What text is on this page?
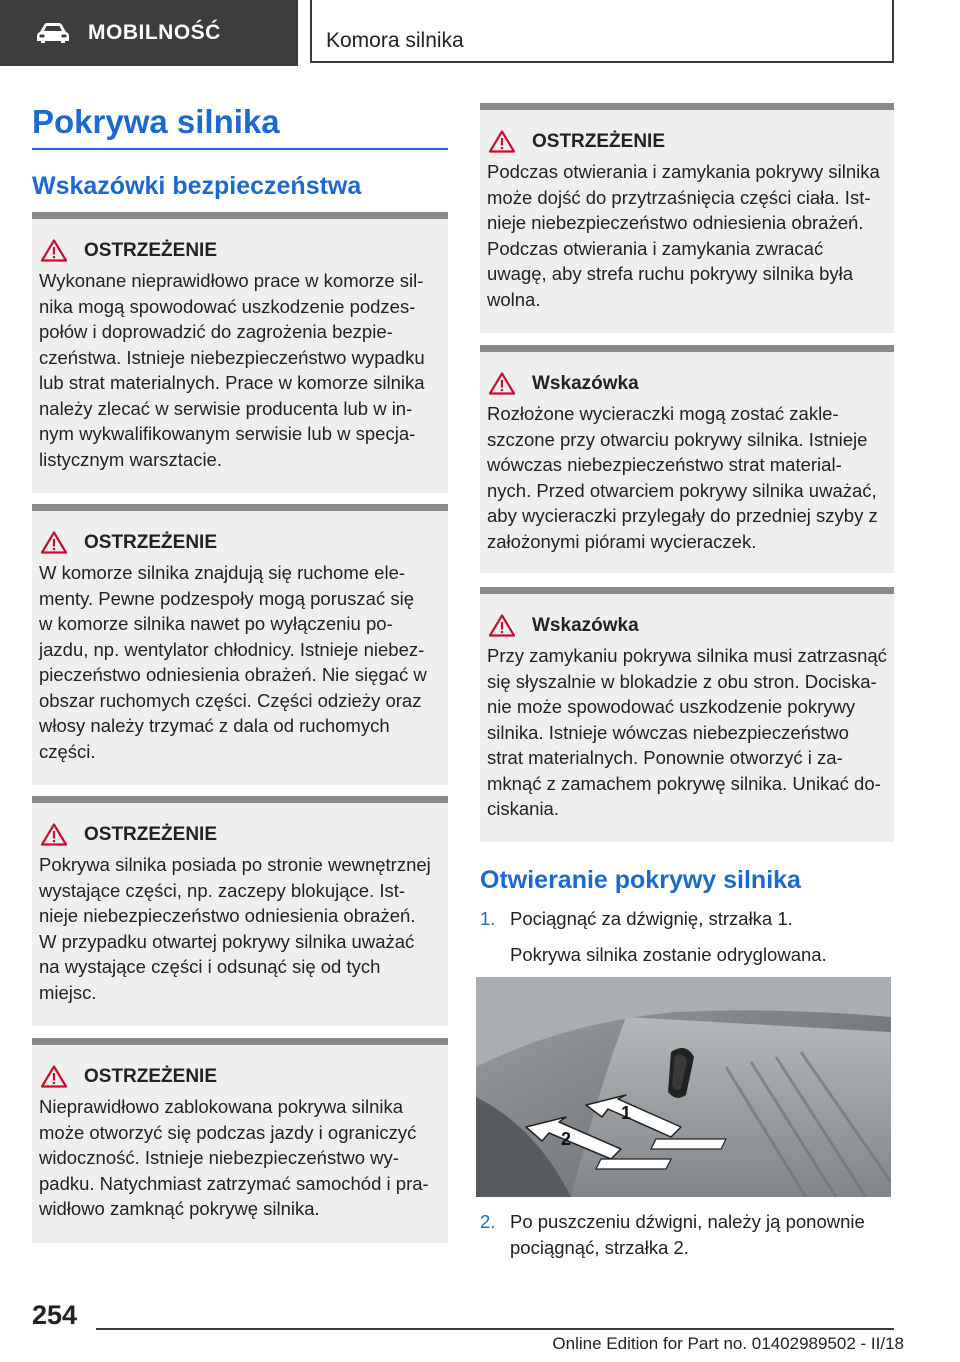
MOBILNOŚĆ	Komora silnika
Pokrywa silnika
Wskazówki bezpieczeństwa
OSTRZEŻENIE
Wykonane nieprawidłowo prace w komorze sil-
nika mogą spowodować uszkodzenie podzes-
połów i doprowadzić do zagrożenia bezpie-
czeństwa. Istnieje niebezpieczeństwo wypadku
lub strat materialnych. Prace w komorze silnika
należy zlecać w serwisie producenta lub w in-
nym wykwalifikowanym serwisie lub w specja-
listycznym warsztacie.
OSTRZEŻENIE
W komorze silnika znajdują się ruchome ele-
menty. Pewne podzespoły mogą poruszać się
w komorze silnika nawet po wyłączeniu po-
jazdu, np. wentylator chłodnicy. Istnieje niebez-
pieczeństwo odniesienia obrażeń. Nie sięgać w
obszar ruchomych części. Części odzieży oraz
włosy należy trzymać z dala od ruchomych
części.
OSTRZEŻENIE
Pokrywa silnika posiada po stronie wewnętrznej
wystające części, np. zaczepy blokujące. Ist-
nieje niebezpieczeństwo odniesienia obrażeń.
W przypadku otwartej pokrywy silnika uważać
na wystające części i odsunąć się od tych
miejsc.
OSTRZEŻENIE
Nieprawidłowo zablokowana pokrywa silnika
może otworzyć się podczas jazdy i ograniczyć
widoczność. Istnieje niebezpieczeństwo wy-
padku. Natychmiast zatrzymać samochód i pra-
widłowo zamknąć pokrywę silnika.
OSTRZEŻENIE
Podczas otwierania i zamykania pokrywy silnika
może dojść do przytrzaśnięcia części ciała. Ist-
nieje niebezpieczeństwo odniesienia obrażeń.
Podczas otwierania i zamykania zwracać
uwagę, aby strefa ruchu pokrywy silnika była
wolna.
Wskazówka
Rozłożone wycieraczki mogą zostać zakle-
szczone przy otwarciu pokrywy silnika. Istnieje
wówczas niebezpieczeństwo strat material-
nych. Przed otwarciem pokrywy silnika uważać,
aby wycieraczki przylegały do przedniej szyby z
założonymi piórami wycieraczek.
Wskazówka
Przy zamykaniu pokrywa silnika musi zatrzasnąć
się słyszalnie w blokadzie z obu stron. Dociska-
nie może spowodować uszkodzenie pokrywy
silnika. Istnieje wówczas niebezpieczeństwo
strat materialnych. Ponownie otworzyć i za-
mknąć z zamachem pokrywę silnika. Unikać do-
ciskania.
Otwieranie pokrywy silnika
1. Pociągnąć za dźwignię, strzałka 1.
Pokrywa silnika zostanie odryglowana.
1
2
2. Po puszczeniu dźwigni, należy ją ponownie
pociągnąć, strzałka 2.
254
Online Edition for Part no. 01402989502 - II/18
